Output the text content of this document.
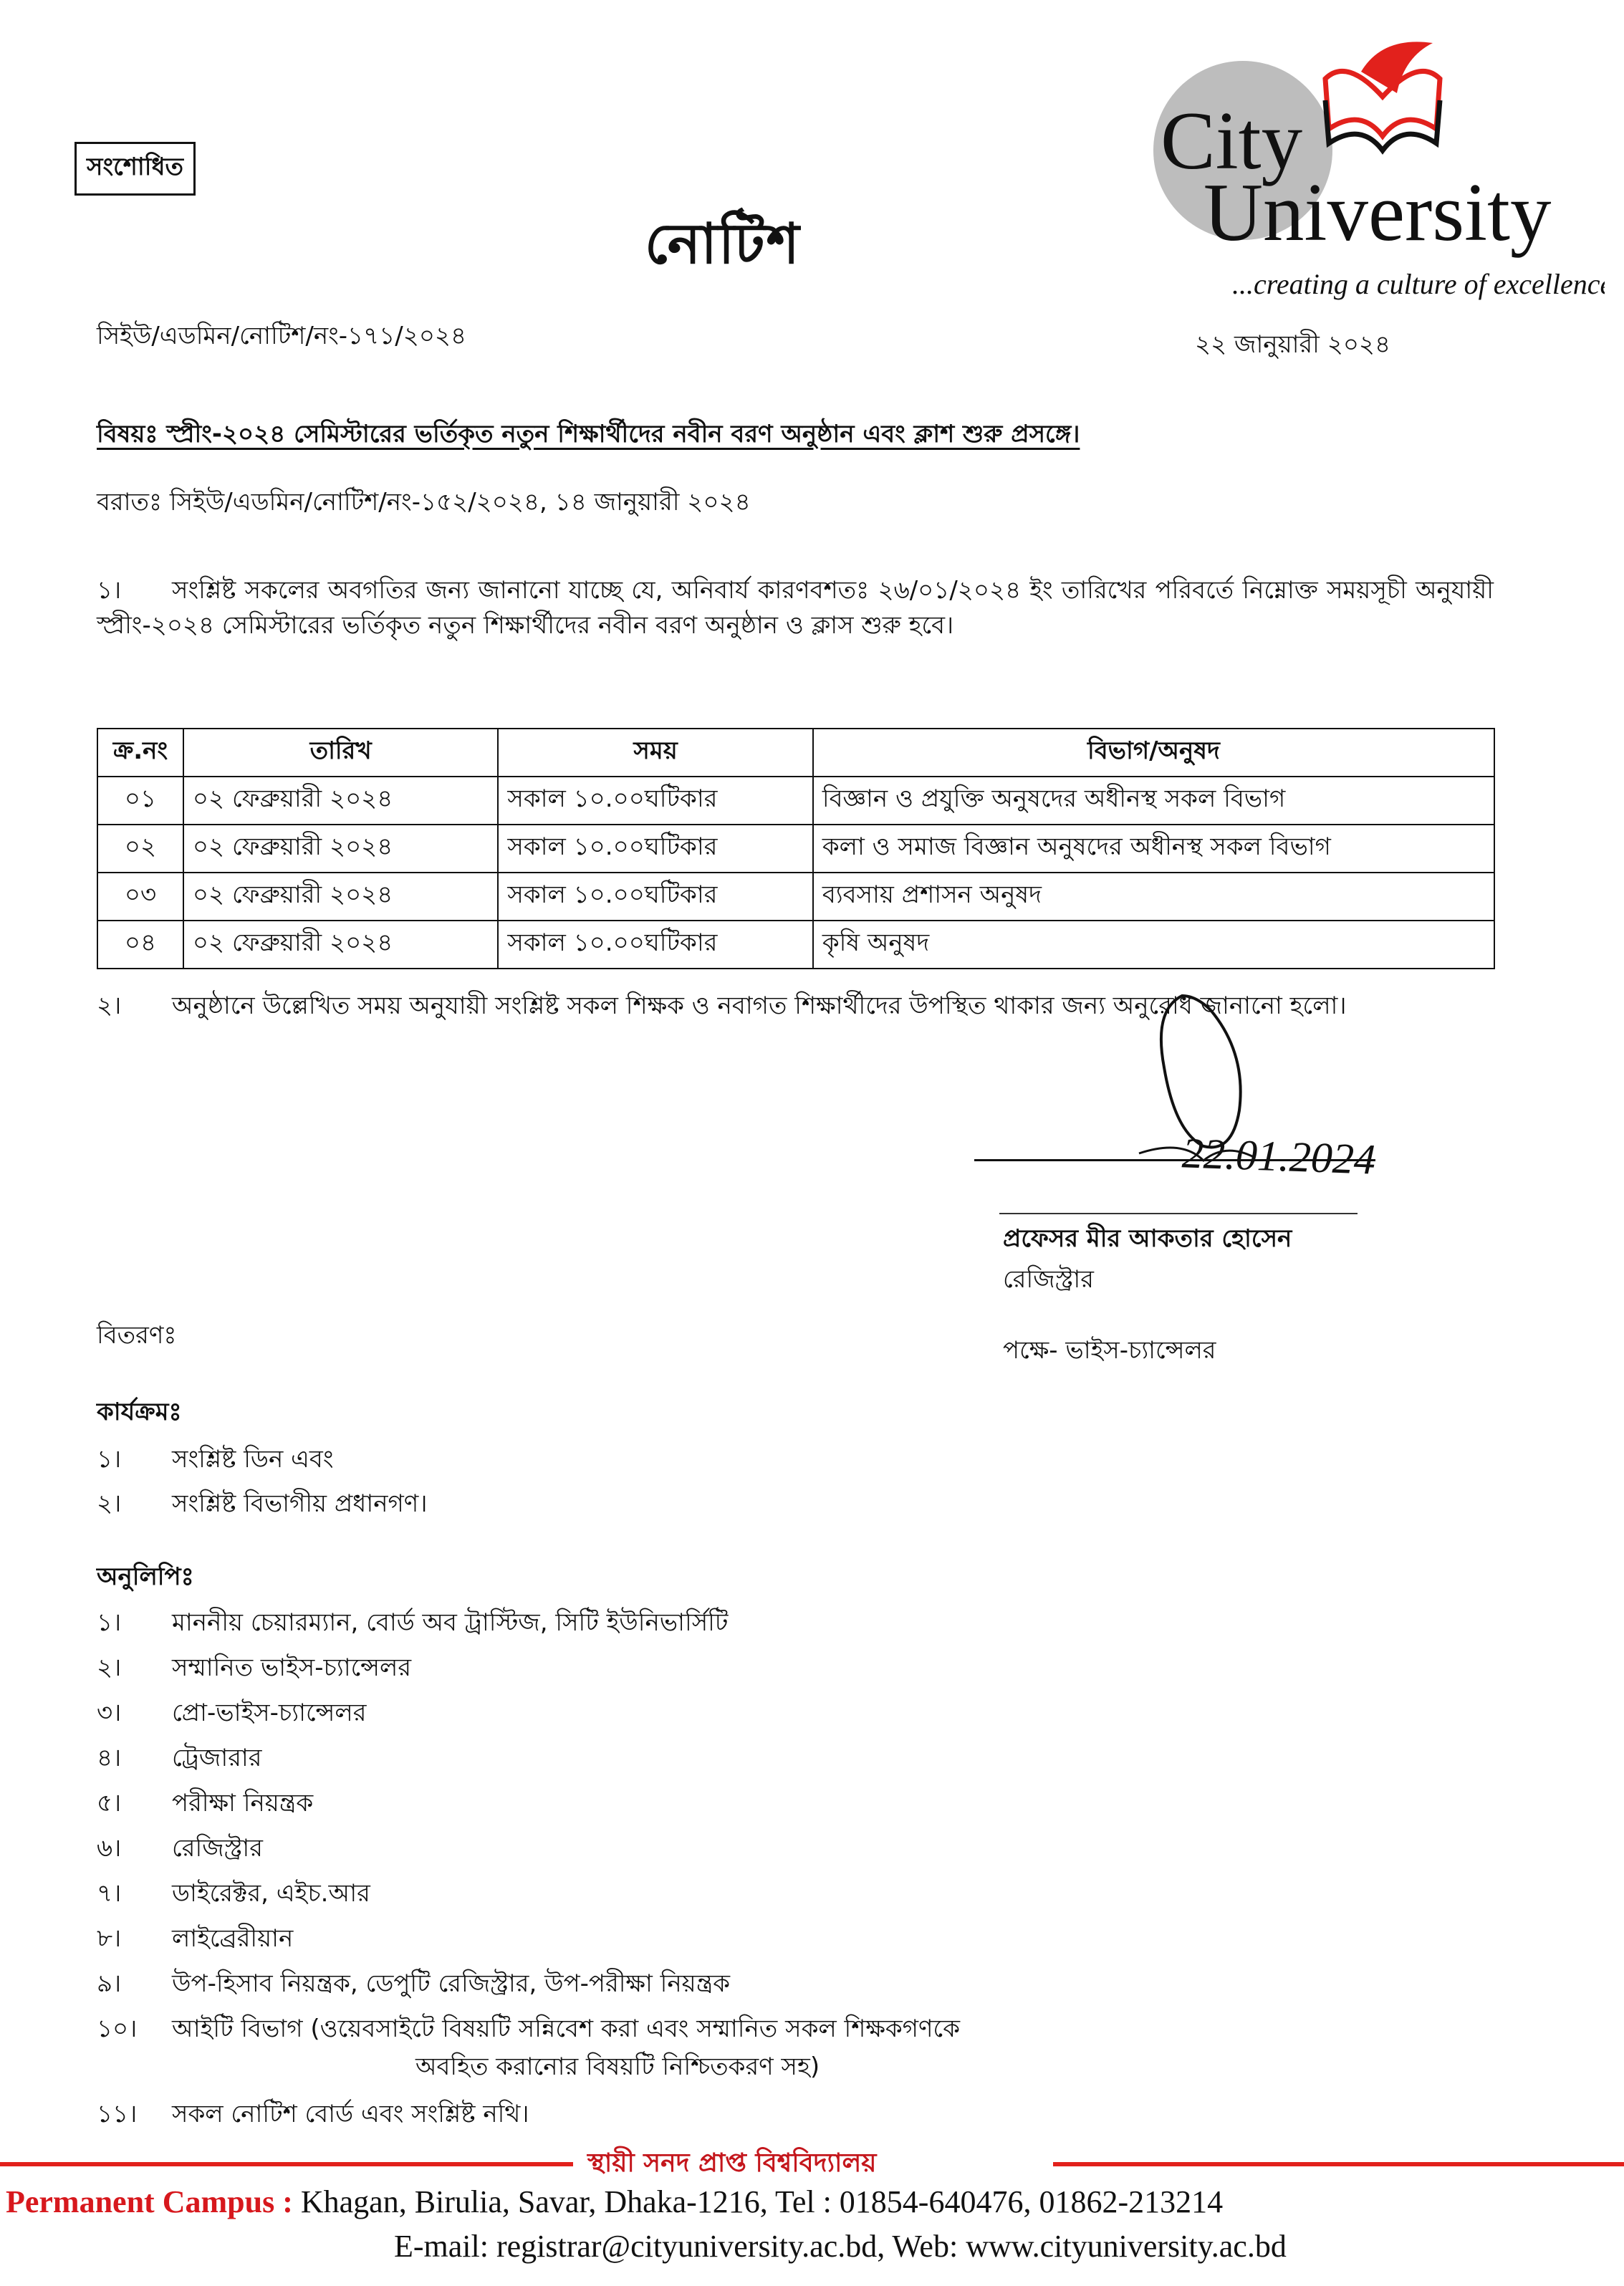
সংশোধিত	City
University
...creating a culture of excellence
নোটিশ
সিইউ/এডমিন/নোটিশ/নং-১৭১/২০২৪	২২ জানুয়ারী ২০২৪
বিষয়ঃ স্প্রীং-২০২৪ সেমিস্টারের ভর্তিকৃত নতুন শিক্ষার্থীদের নবীন বরণ অনুষ্ঠান এবং ক্লাশ শুরু প্রসঙ্গে।
বরাতঃ সিইউ/এডমিন/নোটিশ/নং-১৫২/২০২৪, ১৪ জানুয়ারী ২০২৪
১। সংশ্লিষ্ট সকলের অবগতির জন্য জানানো যাচ্ছে যে, অনিবার্য কারণবশতঃ ২৬/০১/২০২৪ ইং তারিখের পরিবর্তে নিম্নোক্ত সময়সূচী অনুযায়ী স্প্রীং-২০২৪ সেমিস্টারের ভর্তিকৃত নতুন শিক্ষার্থীদের নবীন বরণ অনুষ্ঠান ও ক্লাস শুরু হবে।
ক্র.নং	তারিখ	সময়	বিভাগ/অনুষদ
০১	০২ ফেব্রুয়ারী ২০২৪	সকাল ১০.০০ঘটিকার	বিজ্ঞান ও প্রযুক্তি অনুষদের অধীনস্থ সকল বিভাগ
০২	০২ ফেব্রুয়ারী ২০২৪	সকাল ১০.০০ঘটিকার	কলা ও সমাজ বিজ্ঞান অনুষদের অধীনস্থ সকল বিভাগ
০৩	০২ ফেব্রুয়ারী ২০২৪	সকাল ১০.০০ঘটিকার	ব্যবসায় প্রশাসন অনুষদ
০৪	০২ ফেব্রুয়ারী ২০২৪	সকাল ১০.০০ঘটিকার	কৃষি অনুষদ
২। অনুষ্ঠানে উল্লেখিত সময় অনুযায়ী সংশ্লিষ্ট সকল শিক্ষক ও নবাগত শিক্ষার্থীদের উপস্থিত থাকার জন্য অনুরোধ জানানো হলো।
22.01.2024
প্রফেসর মীর আকতার হোসেন
রেজিস্ট্রার
পক্ষে- ভাইস-চ্যান্সেলর
বিতরণঃ
কার্যক্রমঃ
১। সংশ্লিষ্ট ডিন এবং
২। সংশ্লিষ্ট বিভাগীয় প্রধানগণ।
অনুলিপিঃ
১। মাননীয় চেয়ারম্যান, বোর্ড অব ট্রাস্টিজ, সিটি ইউনিভার্সিটি
২। সম্মানিত ভাইস-চ্যান্সেলর
৩। প্রো-ভাইস-চ্যান্সেলর
৪। ট্রেজারার
৫। পরীক্ষা নিয়ন্ত্রক
৬। রেজিস্ট্রার
৭। ডাইরেক্টর, এইচ.আর
৮। লাইব্রেরীয়ান
৯। উপ-হিসাব নিয়ন্ত্রক, ডেপুটি রেজিস্ট্রার, উপ-পরীক্ষা নিয়ন্ত্রক
১০। আইটি বিভাগ (ওয়েবসাইটে বিষয়টি সন্নিবেশ করা এবং সম্মানিত সকল শিক্ষকগণকে
অবহিত করানোর বিষয়টি নিশ্চিতকরণ সহ)
১১। সকল নোটিশ বোর্ড এবং সংশ্লিষ্ট নথি।
স্থায়ী সনদ প্রাপ্ত বিশ্ববিদ্যালয়
Permanent Campus : Khagan, Birulia, Savar, Dhaka-1216, Tel : 01854-640476, 01862-213214
E-mail: registrar@cityuniversity.ac.bd, Web: www.cityuniversity.ac.bd
